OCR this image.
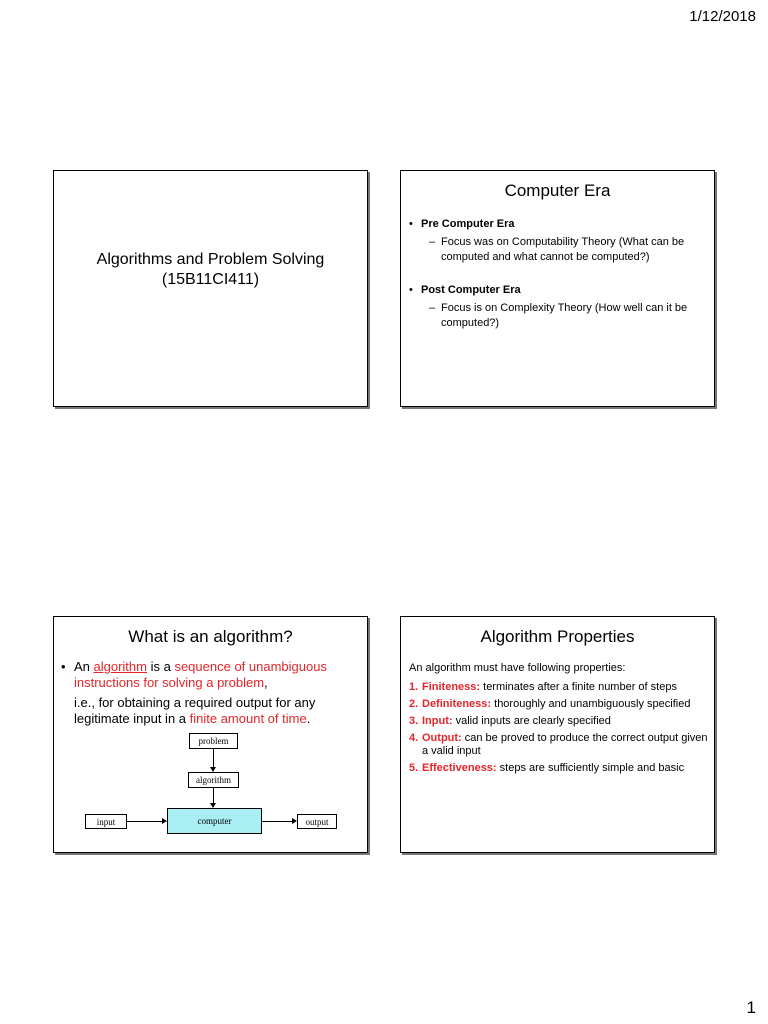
1/12/2018
Algorithms and Problem Solving
(15B11CI411)
Computer Era
• Pre Computer Era
– Focus was on Computability Theory (What can be computed and what cannot be computed?)
• Post Computer Era
– Focus is on Complexity Theory (How well can it be computed?)
What is an algorithm?
• An algorithm is a sequence of unambiguous instructions for solving a problem,
i.e., for obtaining a required output for any legitimate input in a finite amount of time.
problem
algorithm
computer
input	output
Algorithm Properties
An algorithm must have following properties:
1. Finiteness: terminates after a finite number of steps
2. Definiteness: thoroughly and unambiguously specified
3. Input: valid inputs are clearly specified
4. Output: can be proved to produce the correct output given a valid input
5. Effectiveness: steps are sufficiently simple and basic
1
